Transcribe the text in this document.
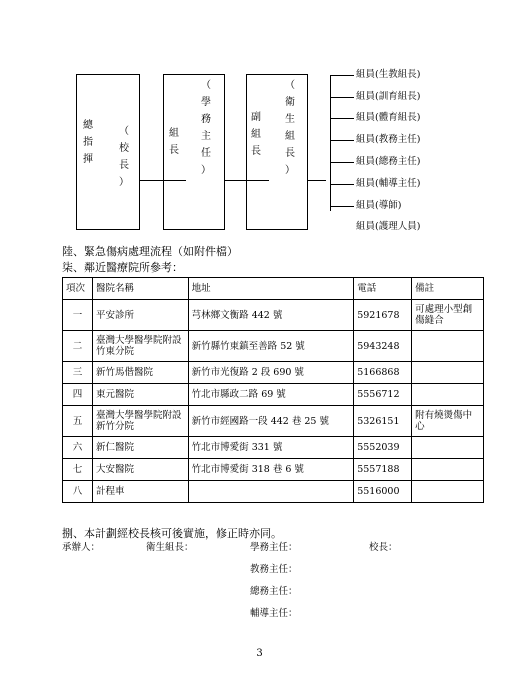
總
指
揮
（
校
長
）
組
長
（
學
務
主
任
）
副
組
長
（
衛
生
組
長
）
組員(生教組長)
組員(訓育組長)
組員(體育組長)
組員(教務主任)
組員(總務主任)
組員(輔導主任)
組員(導師)
組員(護理人員)
陸、緊急傷病處理流程（如附件檔）
柒、鄰近醫療院所參考：
項次	醫院名稱	地址	電話	備註
一	平安診所	芎林鄉文衡路 442 號	5921678	可處理小型創傷縫合
二	臺灣大學醫學院附設竹東分院	新竹縣竹東鎮至善路 52 號	5943248	
三	新竹馬偕醫院	新竹市光復路 2 段 690 號	5166868	
四	東元醫院	竹北市縣政二路 69 號	5556712	
五	臺灣大學醫學院附設新竹分院	新竹市經國路一段 442 巷 25 號	5326151	附有燒燙傷中心
六	新仁醫院	竹北市博愛街 331 號	5552039	
七	大安醫院	竹北市博愛街 318 巷 6 號	5557188	
八	計程車		5516000	
捌、本計劃經校長核可後實施，修正時亦同。
承辦人：	衛生組長：	學務主任：	校長：
教務主任：
總務主任：
輔導主任：
3
